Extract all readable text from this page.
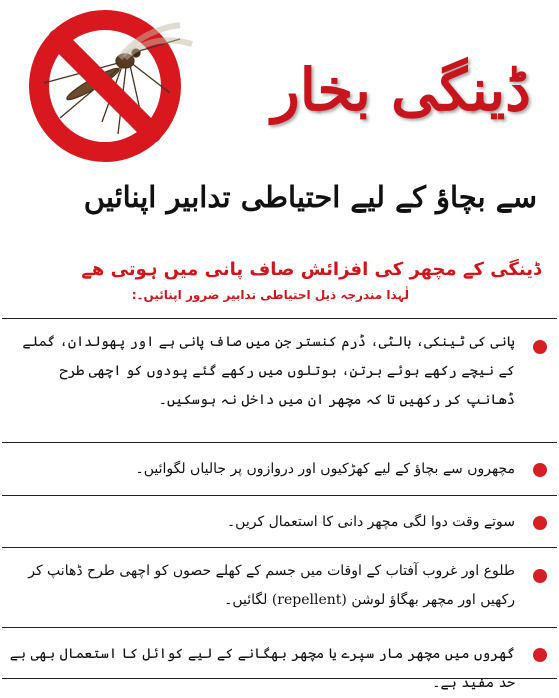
ڈینگی بخار
سے بچاؤ کے لیے احتیاطی تدابیر اپنائیں
ڈینگی کے مچھر کی افزائش صاف پانی میں ہوتی ھے
لٰہذا مندرجہ ذیل احتیاطی تدابیر ضرور اپنائیں۔:
پانی کی ٹینکی، بالٹی، ڈرم کنستر جن میں صاف پانی ہے اور پھولدان، گملے کے نیچے رکھے ہوئے برتن، بوتلوں میں رکھے گئے پودوں کو اچھی طرح ڈھانپ کر رکھیں تا کہ مچھر ان میں داخل نہ ہوسکیں۔
مچھروں سے بچاؤ کے لیے کھڑکیوں اور دروازوں پر جالیاں لگوائیں۔
سوتے وقت دوا لگی مچھر دانی کا استعمال کریں۔
طلوع اور غروب آفتاب کے اوقات میں جسم کے کھلے حصوں کو اچھی طرح ڈھانپ کر رکھیں اور مچھر بھگاؤ لوشن (repellent) لگائیں۔
گھروں میں مچھر مار سپرے یا مچھر بھگانے کے لیے کوائل کا استعمال بھی بے حد مفید ہے۔
